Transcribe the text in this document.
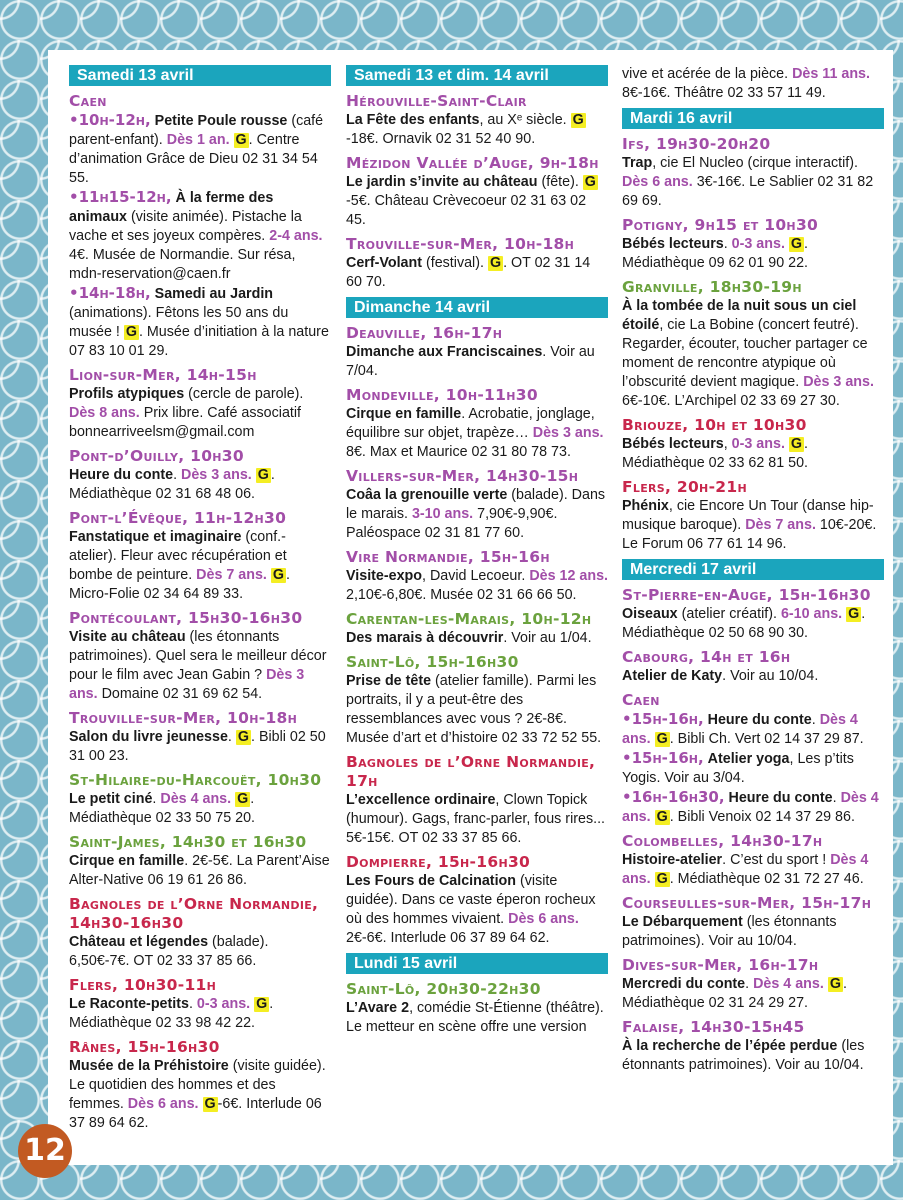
Samedi 13 avril
Caen

•10h-12h, Petite Poule rousse (café parent-enfant). Dès 1 an. G . Centre d’animation Grâce de Dieu 02 31 34 54 55.

•11h15-12h, À la ferme des animaux (visite animée). Pistache la vache et ses joyeux compères. 2-4 ans. 4€. Musée de Normandie. Sur résa, mdn-reservation@caen.fr

•14h-18h, Samedi au Jardin (animations). Fêtons les 50 ans du musée ! G . Musée d’initiation à la nature 07 83 10 01 29.

Lion-sur-Mer, 14h-15h

Profils atypiques (cercle de parole). Dès 8 ans. Prix libre. Café associatif bonnearriveelsm@gmail.com

Pont-d’Ouilly, 10h30

Heure du conte. Dès 3 ans. G . Médiathèque 02 31 68 48 06.

Pont-l’Évêque, 11h-12h30

Fanstatique et imaginaire (conf.-atelier). Fleur avec récupération et bombe de peinture. Dès 7 ans. G . Micro-Folie 02 34 64 89 33.

Pontécoulant, 15h30-16h30

Visite au château (les étonnants patrimoines). Quel sera le meilleur décor pour le film avec Jean Gabin ? Dès 3 ans. Domaine 02 31 69 62 54.

Trouville-sur-Mer, 10h-18h

Salon du livre jeunesse. G . Bibli 02 50 31 00 23.

St-Hilaire-du-Harcouët, 10h30

Le petit ciné. Dès 4 ans. G . Médiathèque 02 33 50 75 20.

Saint-James, 14h30 et 16h30

Cirque en famille. 2€-5€. La Parent’Aise Alter-Native 06 19 61 26 86.

Bagnoles de l’Orne Normandie, 14h30-16h30

Château et légendes (balade). 6,50€-7€. OT 02 33 37 85 66.

Flers, 10h30-11h

Le Raconte-petits. 0-3 ans. G . Médiathèque 02 33 98 42 22.

Rânes, 15h-16h30

Musée de la Préhistoire (visite guidée). Le quotidien des hommes et des femmes. Dès 6 ans. G -6€. Interlude 06 37 89 64 62.

Samedi 13 et dim. 14 avril
Hérouville-Saint-Clair

La Fête des enfants, au Xᵉ siècle. G-18€. Ornavik 02 31 52 40 90.

Mézidon Vallée d’Auge, 9h-18h

Le jardin s’invite au château (fête). G-5€. Château Crèvecoeur 02 31 63 02 45.

Trouville-sur-Mer, 10h-18h

Cerf-Volant (festival). G . OT 02 31 14 60 70.

Dimanche 14 avril
Deauville, 16h-17h

Dimanche aux Franciscaines. Voir au 7/04.

Mondeville, 10h-11h30

Cirque en famille. Acrobatie, jonglage, équilibre sur objet, trapèze… Dès 3 ans. 8€. Max et Maurice 02 31 80 78 73.

Villers-sur-Mer, 14h30-15h

Coâa la grenouille verte (balade). Dans le marais. 3-10 ans. 7,90€-9,90€. Paléospace 02 31 81 77 60.

Vire Normandie, 15h-16h

Visite-expo, David Lecoeur. Dès 12 ans. 2,10€-6,80€. Musée 02 31 66 66 50.

Carentan-les-Marais, 10h-12h

Des marais à découvrir. Voir au 1/04.

Saint-Lô, 15h-16h30

Prise de tête (atelier famille). Parmi les portraits, il y a peut-être des ressemblances avec vous ? 2€-8€. Musée d’art et d’histoire 02 33 72 52 55.

Bagnoles de l’Orne Normandie, 17h

L’excellence ordinaire, Clown Topick (humour). Gags, franc-parler, fous rires... 5€-15€. OT 02 33 37 85 66.

Dompierre, 15h-16h30

Les Fours de Calcination (visite guidée). Dans ce vaste éperon rocheux où des hommes vivaient. Dès 6 ans. 2€-6€. Interlude 06 37 89 64 62.

Lundi 15 avril
Saint-Lô, 20h30-22h30

L’Avare 2, comédie St-Étienne (théâtre). Le metteur en scène offre une version

vive et acérée de la pièce. Dès 11 ans. 8€-16€. Théâtre 02 33 57 11 49.

Mardi 16 avril
Ifs, 19h30-20h20

Trap, cie El Nucleo (cirque interactif). Dès 6 ans. 3€-16€. Le Sablier 02 31 82 69 69.

Potigny, 9h15 et 10h30

Bébés lecteurs. 0-3 ans. G . Médiathèque 09 62 01 90 22.

Granville, 18h30-19h

À la tombée de la nuit sous un ciel étoilé, cie La Bobine (concert feutré). Regarder, écouter, toucher partager ce moment de rencontre atypique où l’obscurité devient magique. Dès 3 ans. 6€-10€. L’Archipel 02 33 69 27 30.

Briouze, 10h et 10h30

Bébés lecteurs, 0-3 ans. G . Médiathèque 02 33 62 81 50.

Flers, 20h-21h

Phénix, cie Encore Un Tour (danse hip-musique baroque). Dès 7 ans. 10€-20€. Le Forum 06 77 61 14 96.

Mercredi 17 avril
St-Pierre-en-Auge, 15h-16h30

Oiseaux (atelier créatif). 6-10 ans. G . Médiathèque 02 50 68 90 30.

Cabourg, 14h et 16h

Atelier de Katy. Voir au 10/04.

Caen

•15h-16h, Heure du conte. Dès 4 ans. G . Bibli Ch. Vert 02 14 37 29 87.

•15h-16h, Atelier yoga, Les p’tits Yogis. Voir au 3/04.

•16h-16h30, Heure du conte. Dès 4 ans. G . Bibli Venoix 02 14 37 29 86.

Colombelles, 14h30-17h

Histoire-atelier. C’est du sport ! Dès 4 ans. G . Médiathèque 02 31 72 27 46.

Courseulles-sur-Mer, 15h-17h

Le Débarquement (les étonnants patrimoines). Voir au 10/04.

Dives-sur-Mer, 16h-17h

Mercredi du conte. Dès 4 ans. G . Médiathèque 02 31 24 29 27.

Falaise, 14h30-15h45

À la recherche de l’épée perdue (les étonnants patrimoines). Voir au 10/04.

12
